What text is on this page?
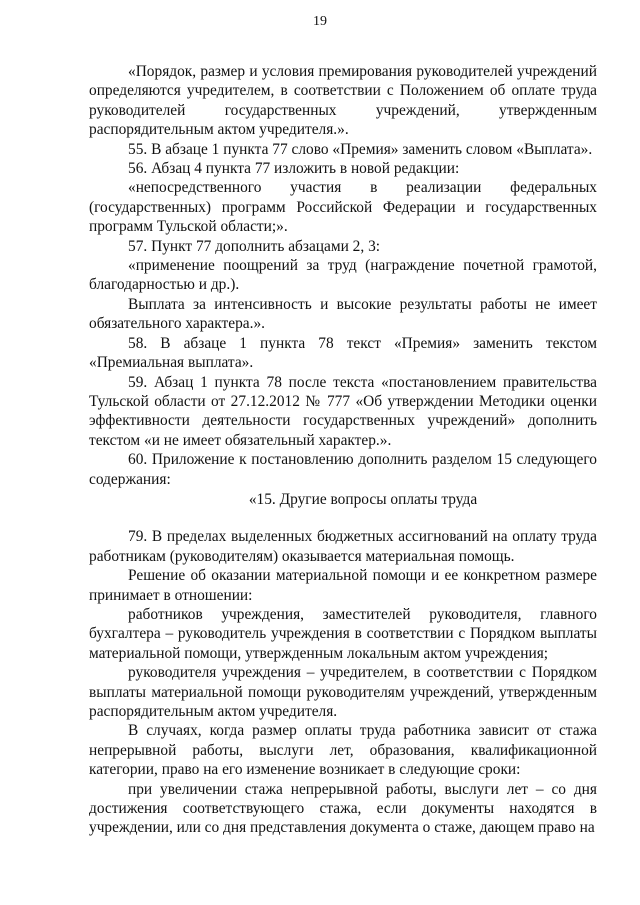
19

«Порядок, размер и условия премирования руководителей учреждений определяются учредителем, в соответствии с Положением об оплате труда руководителей государственных учреждений, утвержденным распорядительным актом учредителя.».

55. В абзаце 1 пункта 77 слово «Премия» заменить словом «Выплата».

56. Абзац 4 пункта 77 изложить в новой редакции:

«непосредственного участия в реализации федеральных (государственных) программ Российской Федерации и государственных программ Тульской области;».

57. Пункт 77 дополнить абзацами 2, 3:

«применение поощрений за труд (награждение почетной грамотой, благодарностью и др.).

Выплата за интенсивность и высокие результаты работы не имеет обязательного характера.».

58. В абзаце 1 пункта 78 текст «Премия» заменить текстом «Премиальная выплата».

59. Абзац 1 пункта 78 после текста «постановлением правительства Тульской области от 27.12.2012 № 777 «Об утверждении Методики оценки эффективности деятельности государственных учреждений» дополнить текстом «и не имеет обязательный характер.».

60. Приложение к постановлению дополнить разделом 15 следующего содержания:

«15. Другие вопросы оплаты труда

79. В пределах выделенных бюджетных ассигнований на оплату труда работникам (руководителям) оказывается материальная помощь.

Решение об оказании материальной помощи и ее конкретном размере принимает в отношении:

работников учреждения, заместителей руководителя, главного бухгалтера – руководитель учреждения в соответствии с Порядком выплаты материальной помощи, утвержденным локальным актом учреждения;

руководителя учреждения – учредителем, в соответствии с Порядком выплаты материальной помощи руководителям учреждений, утвержденным распорядительным актом учредителя.

В случаях, когда размер оплаты труда работника зависит от стажа непрерывной работы, выслуги лет, образования, квалификационной категории, право на его изменение возникает в следующие сроки:

при увеличении стажа непрерывной работы, выслуги лет – со дня достижения соответствующего стажа, если документы находятся в учреждении, или со дня представления документа о стаже, дающем право на
